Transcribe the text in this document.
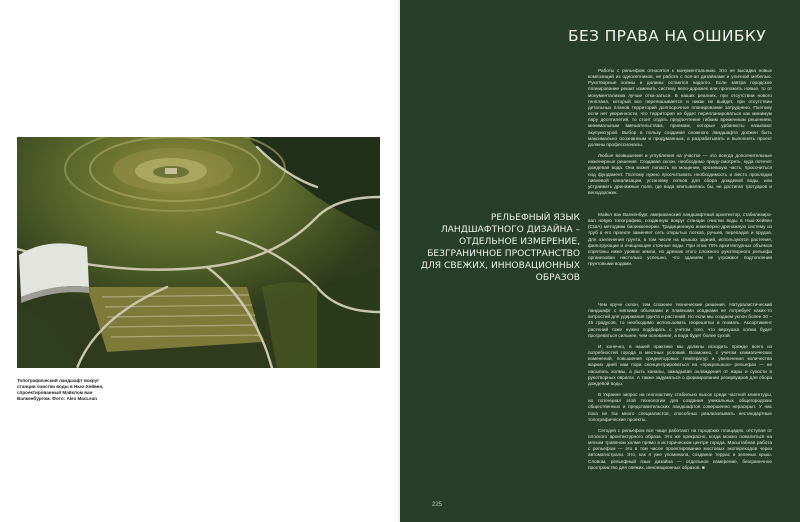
Топографический ландшафт вокруг станции очистки воды в Нью-Хейвен, спроектированный Майклом ван Валкенбургом. Фото: Alex MacLean
БЕЗ ПРАВА НА ОШИБКУ

Работы с рельефом относятся к монументальным. Это не высадка новых композиций из однолетников, не работа с поп-ап дизайнами и уличной мебелью. Рукотворные холмы и долины остаются надолго. Если завтра городское планирование решит изменить систему вело-дорожек или проложить новые, то от монументализма лучше отка-заться. В наших реалиях, при отсутствии нового генплана, который все перепишывается и никак не выйдет, при отсутствии детальных планов территорий долгосрочное планирование затруднено. Поэтому если нет уверенности, что территория не будет перепланироваться как минимум пару десятилетий, то стоит отдать предпочтение гибким временным решениям, минимальным вмешательствам, приемам, которые урбанисты называют акупунктурой. Выбор в пользу создания сложного ландшафта должен быть максимально осознанным и продуманным, а разрабатывать и выполнять проект должны профессионалы.

Любые возвышения и углубления на участке — это всегда дополнительные инженерные решения. Создавая склон, необходимо преду-смотреть, куда потечет дождевая вода. Она может попасть на мощение, прозевшую часть, просочиться под фундамент. Поэтому нужно просчитывать необходимость и место прокладки ливневой канализации, установку лотков для сбора дождевой воды, или устраивать дренажные поля, где вода впитывалась бы, не достигая тротуаров и велодорожек.

РЕЛЬЕФНЫЙ ЯЗЫК ЛАНДШАФТНОГО ДИЗАЙНА – ОТДЕЛЬНОЕ ИЗМЕРЕНИЕ, БЕЗГРАНИЧНОЕ ПРОСТРАНСТВО ДЛЯ СВЕЖИХ, ИННОВАЦИОННЫХ ОБРАЗОВ

Майкл ван Валкенбург, американский ландшафтный архитектор, стабилизиро-вал новую топографию, созданную вокруг станции очистки воды в Нью-Хейвен (США) методами биоинженерии. Традиционную инженерно-дренажную систему из труб в его проекте заменяет сеть открытых лотков, ручьев, перепадов и прудов. Для озеленения грунта, в том числе на крышах зданий, используются растения, фильтрующие и очищающие сточные воды. При этом 70% архитектурных объемов спрятаны ниже уровня земли, но дренаж этого сложного рукотворного рельефа организован настолько успешно, что зданиям не угрожают подтопления грунтовыми водами.

Чем круче склон, тем сложнее технические решения. Натуралистический ландшафт с мягкими объемами и плавными осадками не потребует каких-то хитростей для удержания грунта и растений. Но если мы создаем уклон более 30 – 45 градусов, то необходимо использовать георешетки и геомать. Ассортимент растений тоже нужно подбирать с учетом того, что верхушка холма будет прогреваться сильнее, чем основание, а вода будет более сухой.

И, конечно, в нашей практике мы должны исходить прежде всего из потребностей города и местных условий. Возможно, с учетом климатических изменений, повышения среднегодовых температур и увеличения количества жарких дней нам пора сконцентрироваться на «прицельных» рельефах — не насыпать холмы, а рыть каналы, зажадывая охлаждения от жары и сухости в рукотворных оврагах. А также задуматься о формировании резервуаров для сбора дождевой воды.

В Украине запрос на геопластику стабильно высок среди частной клиентуры, но потенциал этой технологии для создания уникальных общегородских общественных и представительских ландшафтов совершенно нераскрыт. У нас пока не так много специалистов, способных реализовывать нестандартные топографические проекты.

Сегодня с рельефом все чаще работают на городских площадях, отступая от плоского архитектурного образа. Это же прекрасно, когда можно повалиться на мягком травяном холме прямо в историческом центре города. Масштабная работа с рельефом — это в том числе проектирование мостовых экопереходов через автомагистрали. Это, как я уже упоминала, создание террас и зеленых крыш. Словом, рельефный язык дизайна — отдельное измерение, безграничное пространство для свежих, инновационных образов. ■

225
